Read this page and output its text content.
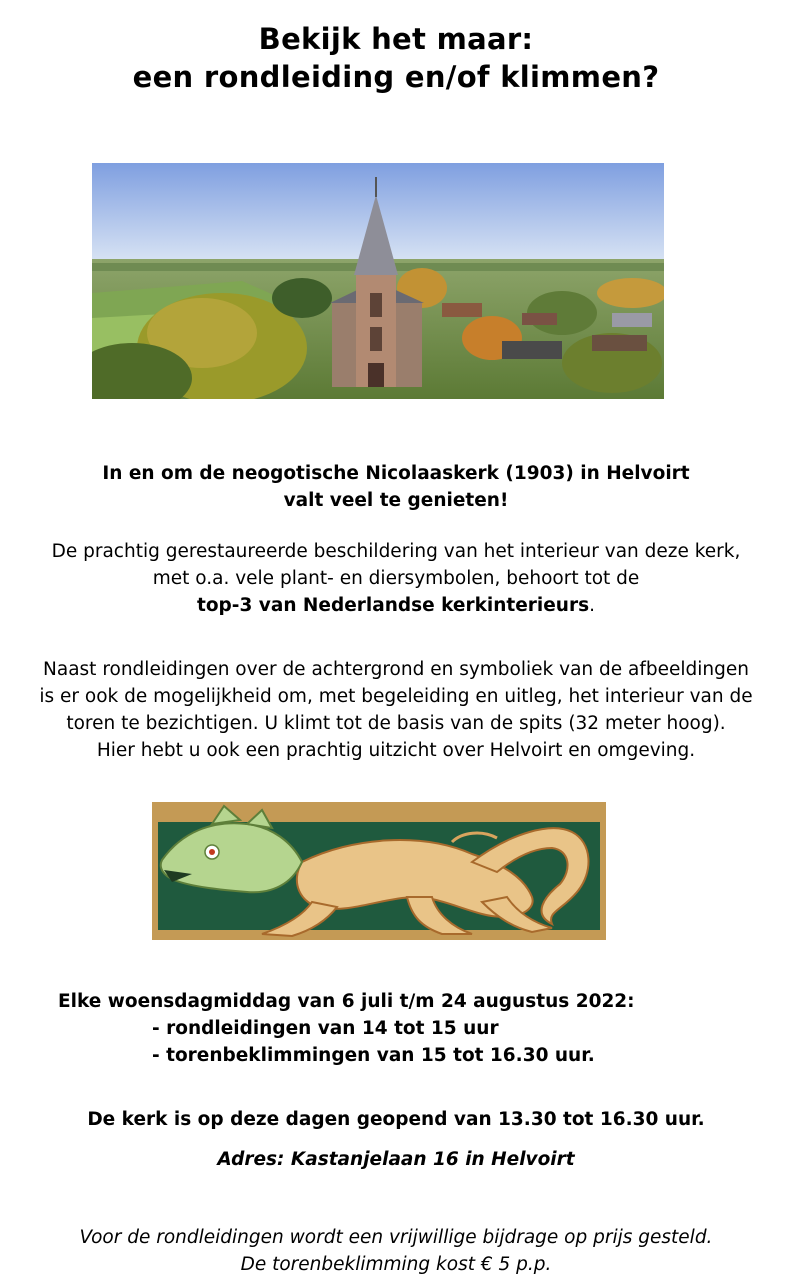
Bekijk het maar:
een rondleiding en/of klimmen?
In en om de neogotische Nicolaaskerk (1903) in Helvoirt
valt veel te genieten!
De prachtig gerestaureerde beschildering van het interieur van deze kerk,
met o.a. vele plant- en diersymbolen, behoort tot de
top-3 van Nederlandse kerkinterieurs.
Naast rondleidingen over de achtergrond en symboliek van de afbeeldingen
is er ook de mogelijkheid om, met begeleiding en uitleg, het interieur van de
toren te bezichtigen. U klimt tot de basis van de spits (32 meter hoog).
Hier hebt u ook een prachtig uitzicht over Helvoirt en omgeving.
Elke woensdagmiddag van 6 juli t/m 24 augustus 2022:
- rondleidingen van 14 tot 15 uur
- torenbeklimmingen van 15 tot 16.30 uur.
De kerk is op deze dagen geopend van 13.30 tot 16.30 uur.
Adres: Kastanjelaan 16 in Helvoirt
Voor de rondleidingen wordt een vrijwillige bijdrage op prijs gesteld.
De torenbeklimming kost € 5 p.p.
